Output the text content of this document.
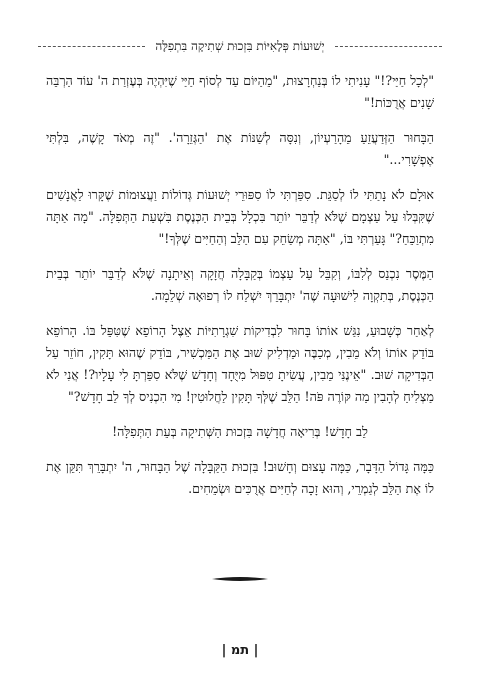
יְשׁוּעוֹת פְּלָאִיּוֹת בִּזְכוּת שְׁתִיקָה בִּתְפִלָּה

"לְכָל חַיַּי?!" עָנִיתִי לוֹ בְּנַחְרָצוּת, "מֵהַיּוֹם עַד לְסוֹף חַיַּי שֶׁיִּהְיֶה בְּעֶזְרַת ה' עוֹד הַרְבֵּה שָׁנִים אֲרֻכּוֹת!"

הַבָּחוּר הַזְּדַעֲזֵעַ מֵהָרַעְיוֹן, וְנִסָּה לְשַׁנּוֹת אֶת 'הַגְּזֵרָה'. "זֶה מְאֹד קָשֶׁה, בִּלְתִּי אֶפְשָׁרִי..."

אוּלָם לֹא נָתַתִּי לוֹ לְסַגֵּת. סִפַּרְתִּי לוֹ סִפּוּרֵי יְשׁוּעוֹת גְּדוֹלוֹת וַעֲצוּמוֹת שֶׁקָּרוּ לַאֲנָשִׁים שֶׁקִּבְּלוּ עַל עַצְמָם שֶׁלֹּא לְדַבֵּר יוֹתֵר בִּכְלָל בְּבֵית הַכְּנֶסֶת בִּשְׁעַת הַתְּפִלָּה. "מָה אַתָּה מִתְוַכֵּחַ?" גָּעַרְתִּי בּוֹ, "אַתָּה מְשַׂחֵק עִם הַלֵּב וְהַחַיִּים שֶׁלְּךָ!"

הַמֶּסֶר נִכְנַס לְלִבּוֹ, וְקִבֵּל עַל עַצְמוֹ בְּקַבָּלָה חֲזָקָה וְאֵיתָנָה שֶׁלֹּא לְדַבֵּר יוֹתֵר בְּבֵית הַכְּנֶסֶת, בְּתִקְוָה לִישׁוּעָה שֶׁה' יִתְבָּרֵךְ יִשְׁלַח לוֹ רְפוּאָה שְׁלֵמָה.

לְאַחַר כְּשָׁבוּעַ, נִגַּשׁ אוֹתוֹ בָּחוּר לִבְדִיקוֹת שִׁגְרָתִיּוֹת אֵצֶל הָרוֹפֵא שֶׁטִּפֵּל בּוֹ. הָרוֹפֵא בּוֹדֵק אוֹתוֹ וְלֹא מֵבִין, מְכַבֶּה וּמַדְלִיק שׁוּב אֶת הַמַּכְשִׁיר, בּוֹדֵק שֶׁהוּא תָּקִין, חוֹזֵר עַל הַבְּדִיקָה שׁוּב. "אֵינֶנִּי מֵבִין, עֲשִׂיתָ טִפּוּל מִיֻּחָד וְחָדָשׁ שֶׁלֹּא סִפַּרְתָּ לִי עָלָיו?! אֲנִי לֹא מַצְלִיחַ לְהָבִין מַה קּוֹרֶה פֹּה! הַלֵּב שֶׁלְּךָ תָּקִין לַחֲלוּטִין! מִי הִכְנִיס לְךָ לֵב חָדָשׁ?"

לֵב חָדָשׁ! בְּרִיאָה חֲדָשָׁה בִּזְכוּת הַשְּׁתִיקָה בְּעֵת הַתְּפִלָּה!

כַּמָּה גָּדוֹל הַדָּבָר, כַּמָּה עָצוּם וְחָשׁוּב! בִּזְכוּת הַקַּבָּלָה שֶׁל הַבָּחוּר, ה' יִתְבָּרֵךְ תִּקֵּן אֶת לוֹ אֶת הַלֵּב לְגַמְרֵי, וְהוּא זָכָה לְחַיִּים אֲרֻכִּים וּשְׂמֵחִים.

| תמ |
